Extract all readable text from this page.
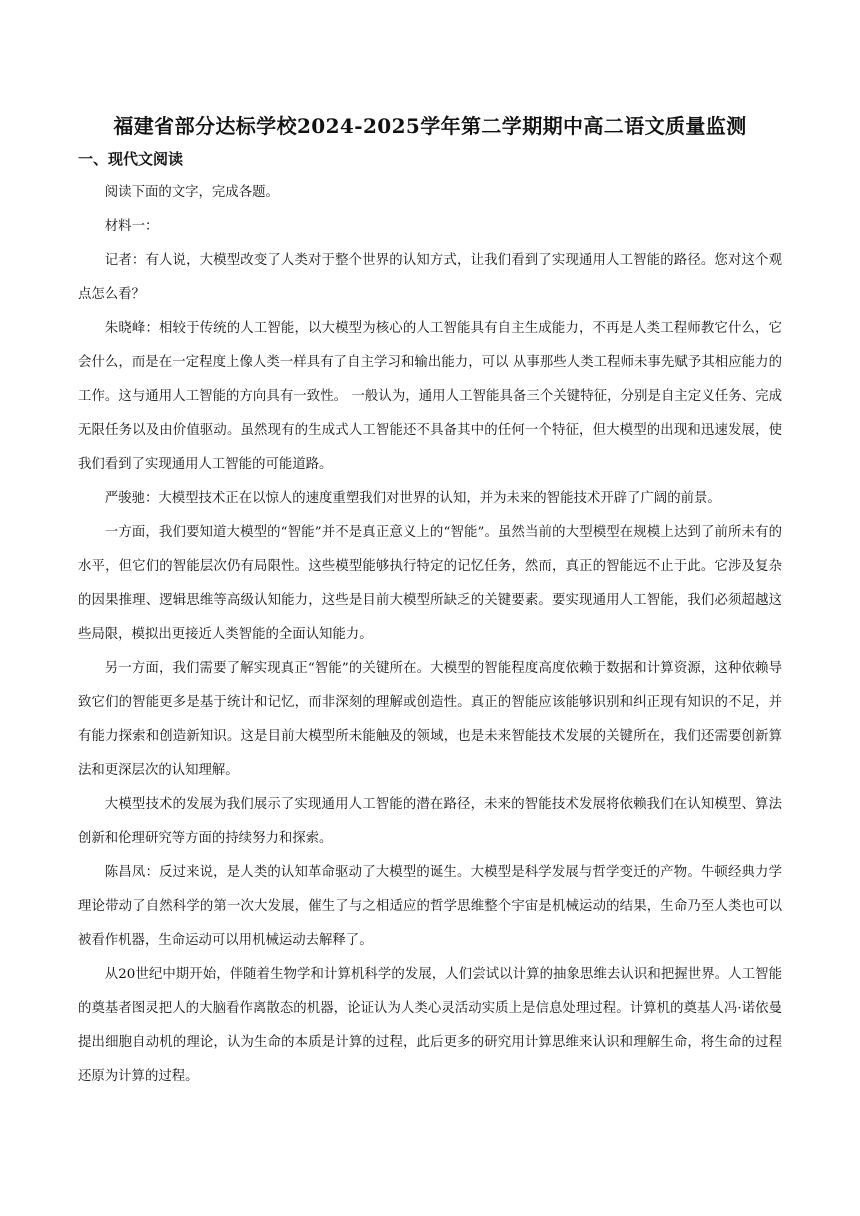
福建省部分达标学校2024-2025学年第二学期期中高二语文质量监测
一、现代文阅读

阅读下面的文字，完成各题。

材料一：

记者：有人说，大模型改变了人类对于整个世界的认知方式，让我们看到了实现通用人工智能的路径。您对这个观点怎么看？

朱晓峰：相较于传统的人工智能，以大模型为核心的人工智能具有自主生成能力，不再是人类工程师教它什么，它会什么，而是在一定程度上像人类一样具有了自主学习和输出能力，可以 从事那些人类工程师未事先赋予其相应能力的工作。这与通用人工智能的方向具有一致性。 一般认为，通用人工智能具备三个关键特征，分别是自主定义任务、完成无限任务以及由价值驱动。虽然现有的生成式人工智能还不具备其中的任何一个特征，但大模型的出现和迅速发展，使我们看到了实现通用人工智能的可能道路。

严骏驰：大模型技术正在以惊人的速度重塑我们对世界的认知，并为未来的智能技术开辟了广阔的前景。

一方面，我们要知道大模型的“智能”并不是真正意义上的“智能”。虽然当前的大型模型在规模上达到了前所未有的水平，但它们的智能层次仍有局限性。这些模型能够执行特定的记忆任务，然而，真正的智能远不止于此。它涉及复杂的因果推理、逻辑思维等高级认知能力，这些是目前大模型所缺乏的关键要素。要实现通用人工智能，我们必须超越这些局限，模拟出更接近人类智能的全面认知能力。

另一方面，我们需要了解实现真正“智能”的关键所在。大模型的智能程度高度依赖于数据和计算资源，这种依赖导致它们的智能更多是基于统计和记忆，而非深刻的理解或创造性。真正的智能应该能够识别和纠正现有知识的不足，并有能力探索和创造新知识。这是目前大模型所未能触及的领域，也是未来智能技术发展的关键所在，我们还需要创新算法和更深层次的认知理解。

大模型技术的发展为我们展示了实现通用人工智能的潜在路径，未来的智能技术发展将依赖我们在认知模型、算法创新和伦理研究等方面的持续努力和探索。

陈昌凤：反过来说，是人类的认知革命驱动了大模型的诞生。大模型是科学发展与哲学变迁的产物。牛顿经典力学理论带动了自然科学的第一次大发展，催生了与之相适应的哲学思维整个宇宙是机械运动的结果，生命乃至人类也可以被看作机器，生命运动可以用机械运动去解释了。

从20世纪中期开始，伴随着生物学和计算机科学的发展，人们尝试以计算的抽象思维去认识和把握世界。人工智能的奠基者图灵把人的大脑看作离散态的机器，论证认为人类心灵活动实质上是信息处理过程。计算机的奠基人冯·诺依曼提出细胞自动机的理论，认为生命的本质是计算的过程，此后更多的研究用计算思维来认识和理解生命，将生命的过程还原为计算的过程。
